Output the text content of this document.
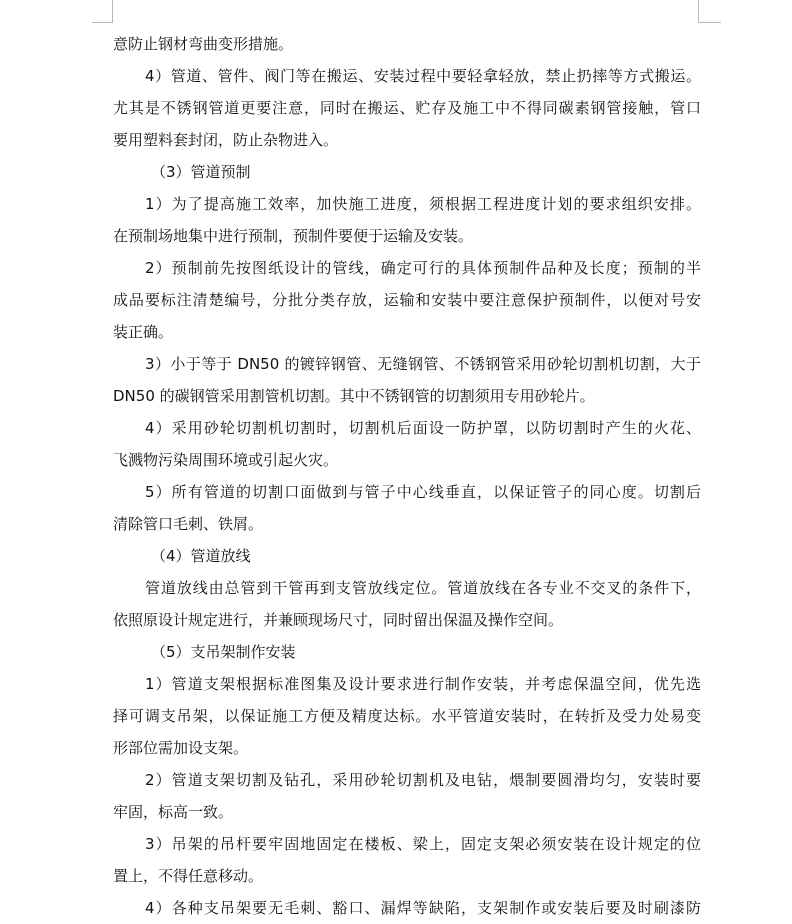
意防止钢材弯曲变形措施。
4）管道、管件、阀门等在搬运、安装过程中要轻拿轻放，禁止扔摔等方式搬运。
尤其是不锈钢管道更要注意，同时在搬运、贮存及施工中不得同碳素钢管接触，管口
要用塑料套封闭，防止杂物进入。
（3）管道预制
1）为了提高施工效率，加快施工进度，须根据工程进度计划的要求组织安排。
在预制场地集中进行预制，预制件要便于运输及安装。
2）预制前先按图纸设计的管线，确定可行的具体预制件品种及长度；预制的半
成品要标注清楚编号，分批分类存放，运输和安装中要注意保护预制件，以便对号安
装正确。
3）小于等于 DN50 的镀锌钢管、无缝钢管、不锈钢管采用砂轮切割机切割，大于
DN50 的碳钢管采用割管机切割。其中不锈钢管的切割须用专用砂轮片。
4）采用砂轮切割机切割时，切割机后面设一防护罩，以防切割时产生的火花、
飞溅物污染周围环境或引起火灾。
5）所有管道的切割口面做到与管子中心线垂直，以保证管子的同心度。切割后
清除管口毛刺、铁屑。
（4）管道放线
管道放线由总管到干管再到支管放线定位。管道放线在各专业不交叉的条件下，
依照原设计规定进行，并兼顾现场尺寸，同时留出保温及操作空间。
（5）支吊架制作安装
1）管道支架根据标准图集及设计要求进行制作安装，并考虑保温空间，优先选
择可调支吊架，以保证施工方便及精度达标。水平管道安装时，在转折及受力处易变
形部位需加设支架。
2）管道支架切割及钻孔，采用砂轮切割机及电钻，煨制要圆滑均匀，安装时要
牢固，标高一致。
3）吊架的吊杆要牢固地固定在楼板、梁上，固定支架必须安装在设计规定的位
置上，不得任意移动。
4）各种支吊架要无毛刺、豁口、漏焊等缺陷，支架制作或安装后要及时刷漆防
